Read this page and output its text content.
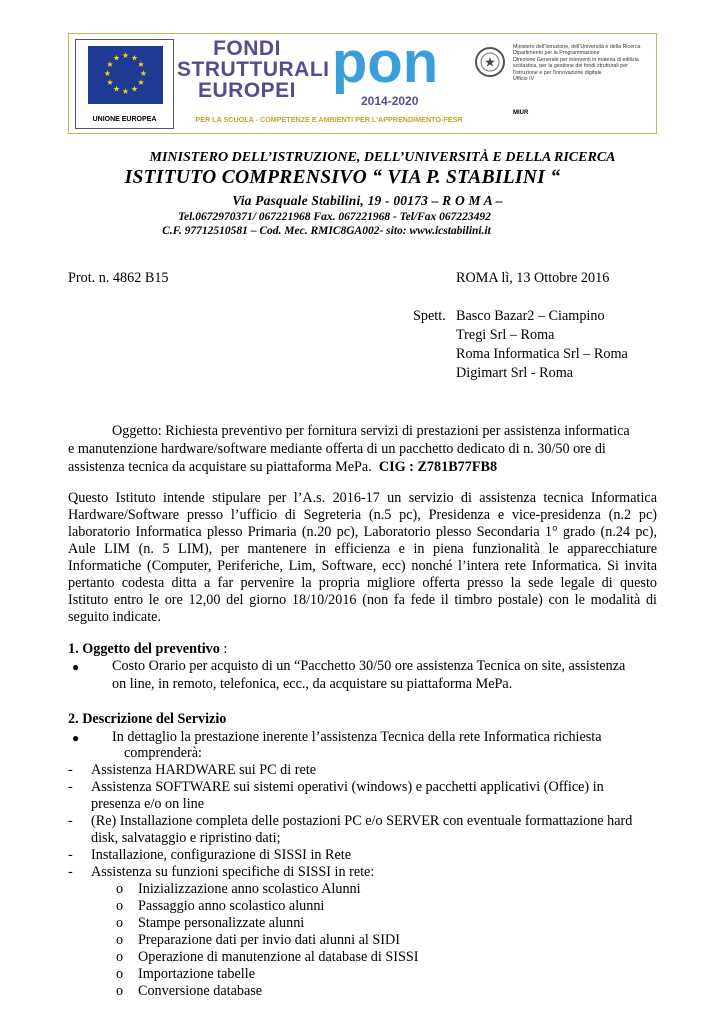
★ ★
★
★
★
★
★
★
★
★
★
★
UNIONE EUROPEA
FONDI
STRUTTURALI
EUROPEI pon
2014-2020
PER LA SCUOLA - COMPETENZE E AMBIENTI PER L'APPRENDIMENTO-FESR
★
Ministero dell'Istruzione, dell'Università e della Ricerca
Dipartimento per la Programmazione
Direzione Generale per interventi in materia di edilizia
scolastica, per la gestione dei fondi strutturali per
l'istruzione e per l'innovazione digitale
Ufficio IV
MIUR
MINISTERO DELL’ISTRUZIONE, DELL’UNIVERSITÀ E DELLA RICERCA
ISTITUTO COMPRENSIVO “ VIA P. STABILINI “
Via Pasquale Stabilini, 19 - 00173 – R O M A –
Tel.0672970371/ 067221968 Fax. 067221968 - Tel/Fax 067223492
C.F. 97712510581 – Cod. Mec. RMIC8GA002- sito: www.icstabilini.it
Prot. n. 4862 B15	ROMA lì, 13 Ottobre 2016
Spett. Basco Bazar2 – Ciampino
Tregi Srl – Roma
Roma Informatica Srl – Roma
Digimart Srl - Roma
Oggetto: Richiesta preventivo per fornitura servizi di prestazioni per assistenza informatica
e manutenzione hardware/software mediante offerta di un pacchetto dedicato di n. 30/50 ore di
assistenza tecnica da acquistare su piattaforma MePa. CIG : Z781B77FB8

Questo Istituto intende stipulare per l’A.s. 2016-17 un servizio di assistenza tecnica Informatica

Hardware/Software presso l’ufficio di Segreteria (n.5 pc), Presidenza e vice-presidenza (n.2 pc)

laboratorio Informatica plesso Primaria (n.20 pc), Laboratorio plesso Secondaria 1° grado (n.24 pc),

Aule LIM (n. 5 LIM), per mantenere in efficienza e in piena funzionalità le apparecchiature

Informatiche (Computer, Periferiche, Lim, Software, ecc) nonché l’intera rete Informatica. Si invita

pertanto codesta ditta a far pervenire la propria migliore offerta presso la sede legale di questo

Istituto entro le ore 12,00 del giorno 18/10/2016 (non fa fede il timbro postale) con le modalità di

seguito indicate.

1. Oggetto del preventivo :
● Costo Orario per acquisto di un “Pacchetto 30/50 ore assistenza Tecnica on site, assistenza
on line, in remoto, telefonica, ecc., da acquistare su piattaforma MePa.
2. Descrizione del Servizio
● In dettaglio la prestazione inerente l’assistenza Tecnica della rete Informatica richiesta
comprenderà:
- Assistenza HARDWARE sui PC di rete
- Assistenza SOFTWARE sui sistemi operativi (windows) e pacchetti applicativi (Office) in
presenza e/o on line
- (Re) Installazione completa delle postazioni PC e/o SERVER con eventuale formattazione hard
disk, salvataggio e ripristino dati;
- Installazione, configurazione di SISSI in Rete
- Assistenza su funzioni specifiche di SISSI in rete:
o Inizializzazione anno scolastico Alunni
o Passaggio anno scolastico alunni
o Stampe personalizzate alunni
o Preparazione dati per invio dati alunni al SIDI
o Operazione di manutenzione al database di SISSI
o Importazione tabelle
o Conversione database
